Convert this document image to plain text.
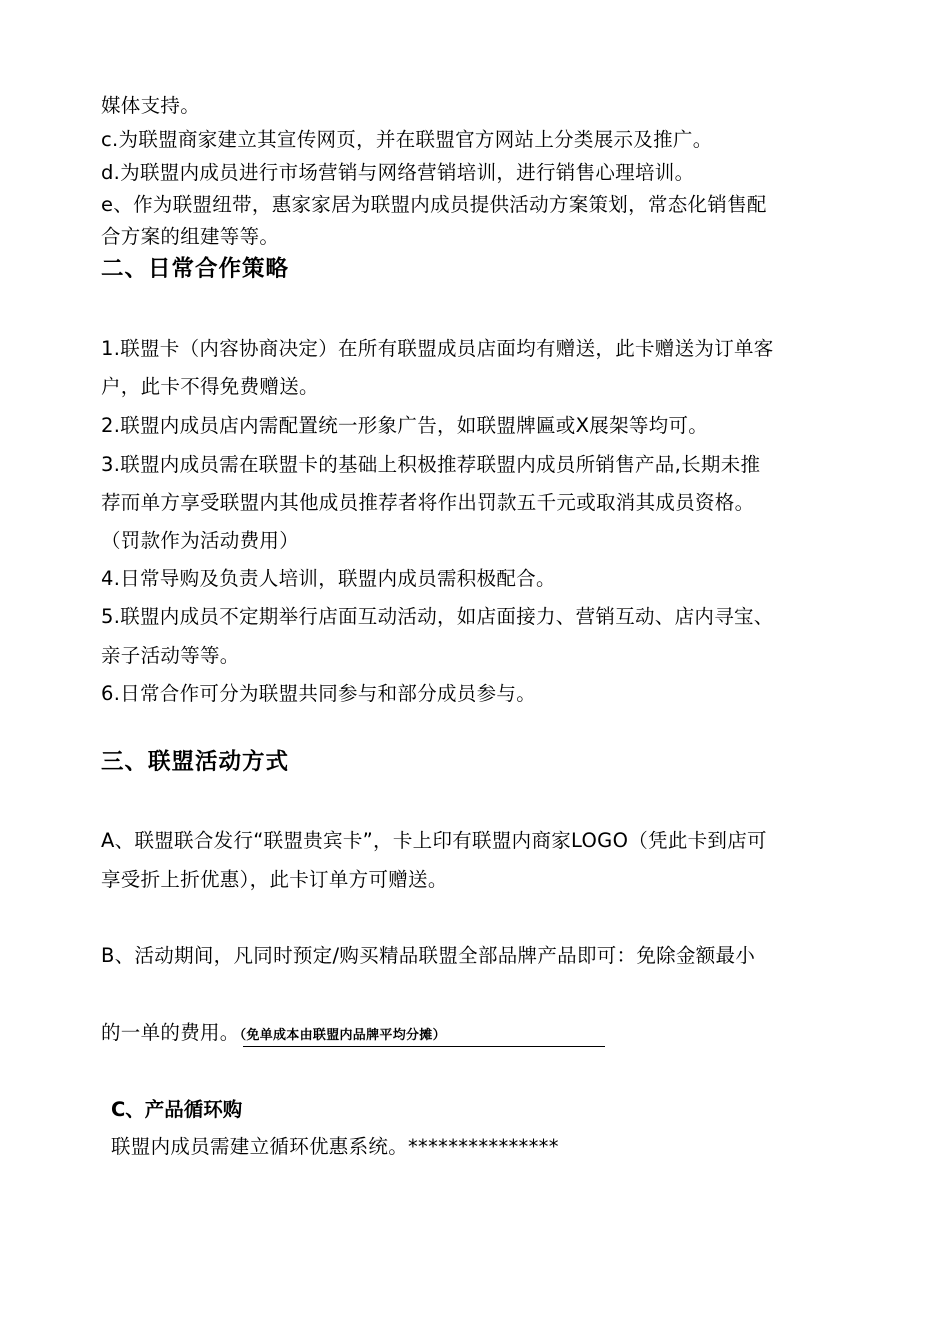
媒体支持。
c.为联盟商家建立其宣传网页，并在联盟官方网站上分类展示及推广。
d.为联盟内成员进行市场营销与网络营销培训，进行销售心理培训。
e、作为联盟纽带，惠家家居为联盟内成员提供活动方案策划，常态化销售配
合方案的组建等等。
二、日常合作策略
1.联盟卡（内容协商决定）在所有联盟成员店面均有赠送，此卡赠送为订单客
户，此卡不得免费赠送。
2.联盟内成员店内需配置统一形象广告，如联盟牌匾或X展架等均可。
3.联盟内成员需在联盟卡的基础上积极推荐联盟内成员所销售产品,长期未推
荐而单方享受联盟内其他成员推荐者将作出罚款五千元或取消其成员资格。
（罚款作为活动费用）
4.日常导购及负责人培训，联盟内成员需积极配合。
5.联盟内成员不定期举行店面互动活动，如店面接力、营销互动、店内寻宝、
亲子活动等等。
6.日常合作可分为联盟共同参与和部分成员参与。
三、联盟活动方式
A、联盟联合发行“联盟贵宾卡”，卡上印有联盟内商家LOGO（凭此卡到店可
享受折上折优惠），此卡订单方可赠送。
B、活动期间，凡同时预定/购买精品联盟全部品牌产品即可：免除金额最小
的一单的费用。（免单成本由联盟内品牌平均分摊）
C、产品循环购
联盟内成员需建立循环优惠系统。***************
